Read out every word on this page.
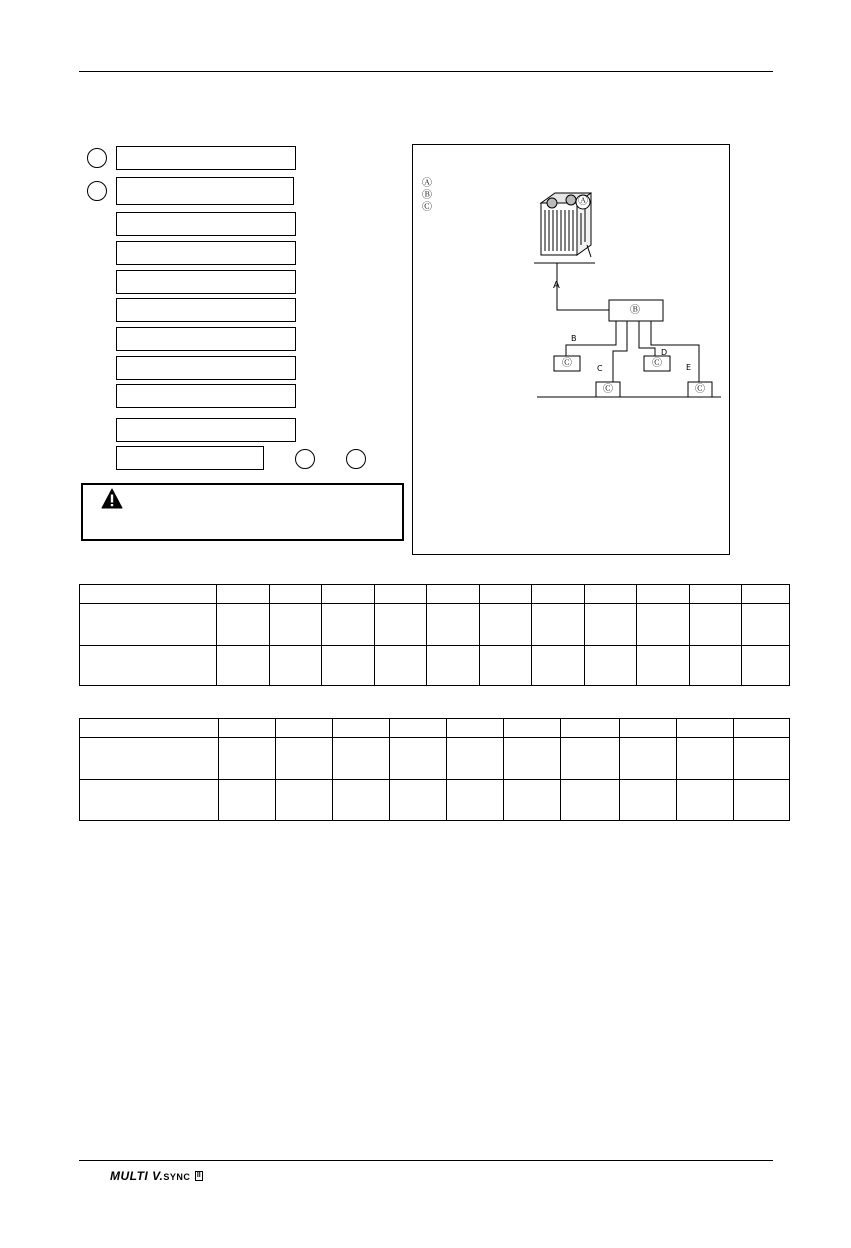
Ⓐ
Ⓑ
Ⓒ
Ⓐ
Ⓑ
Ⓒ	Ⓒ
Ⓒ	Ⓒ
A
B
C
D
E

MULTI V.SYNC II
